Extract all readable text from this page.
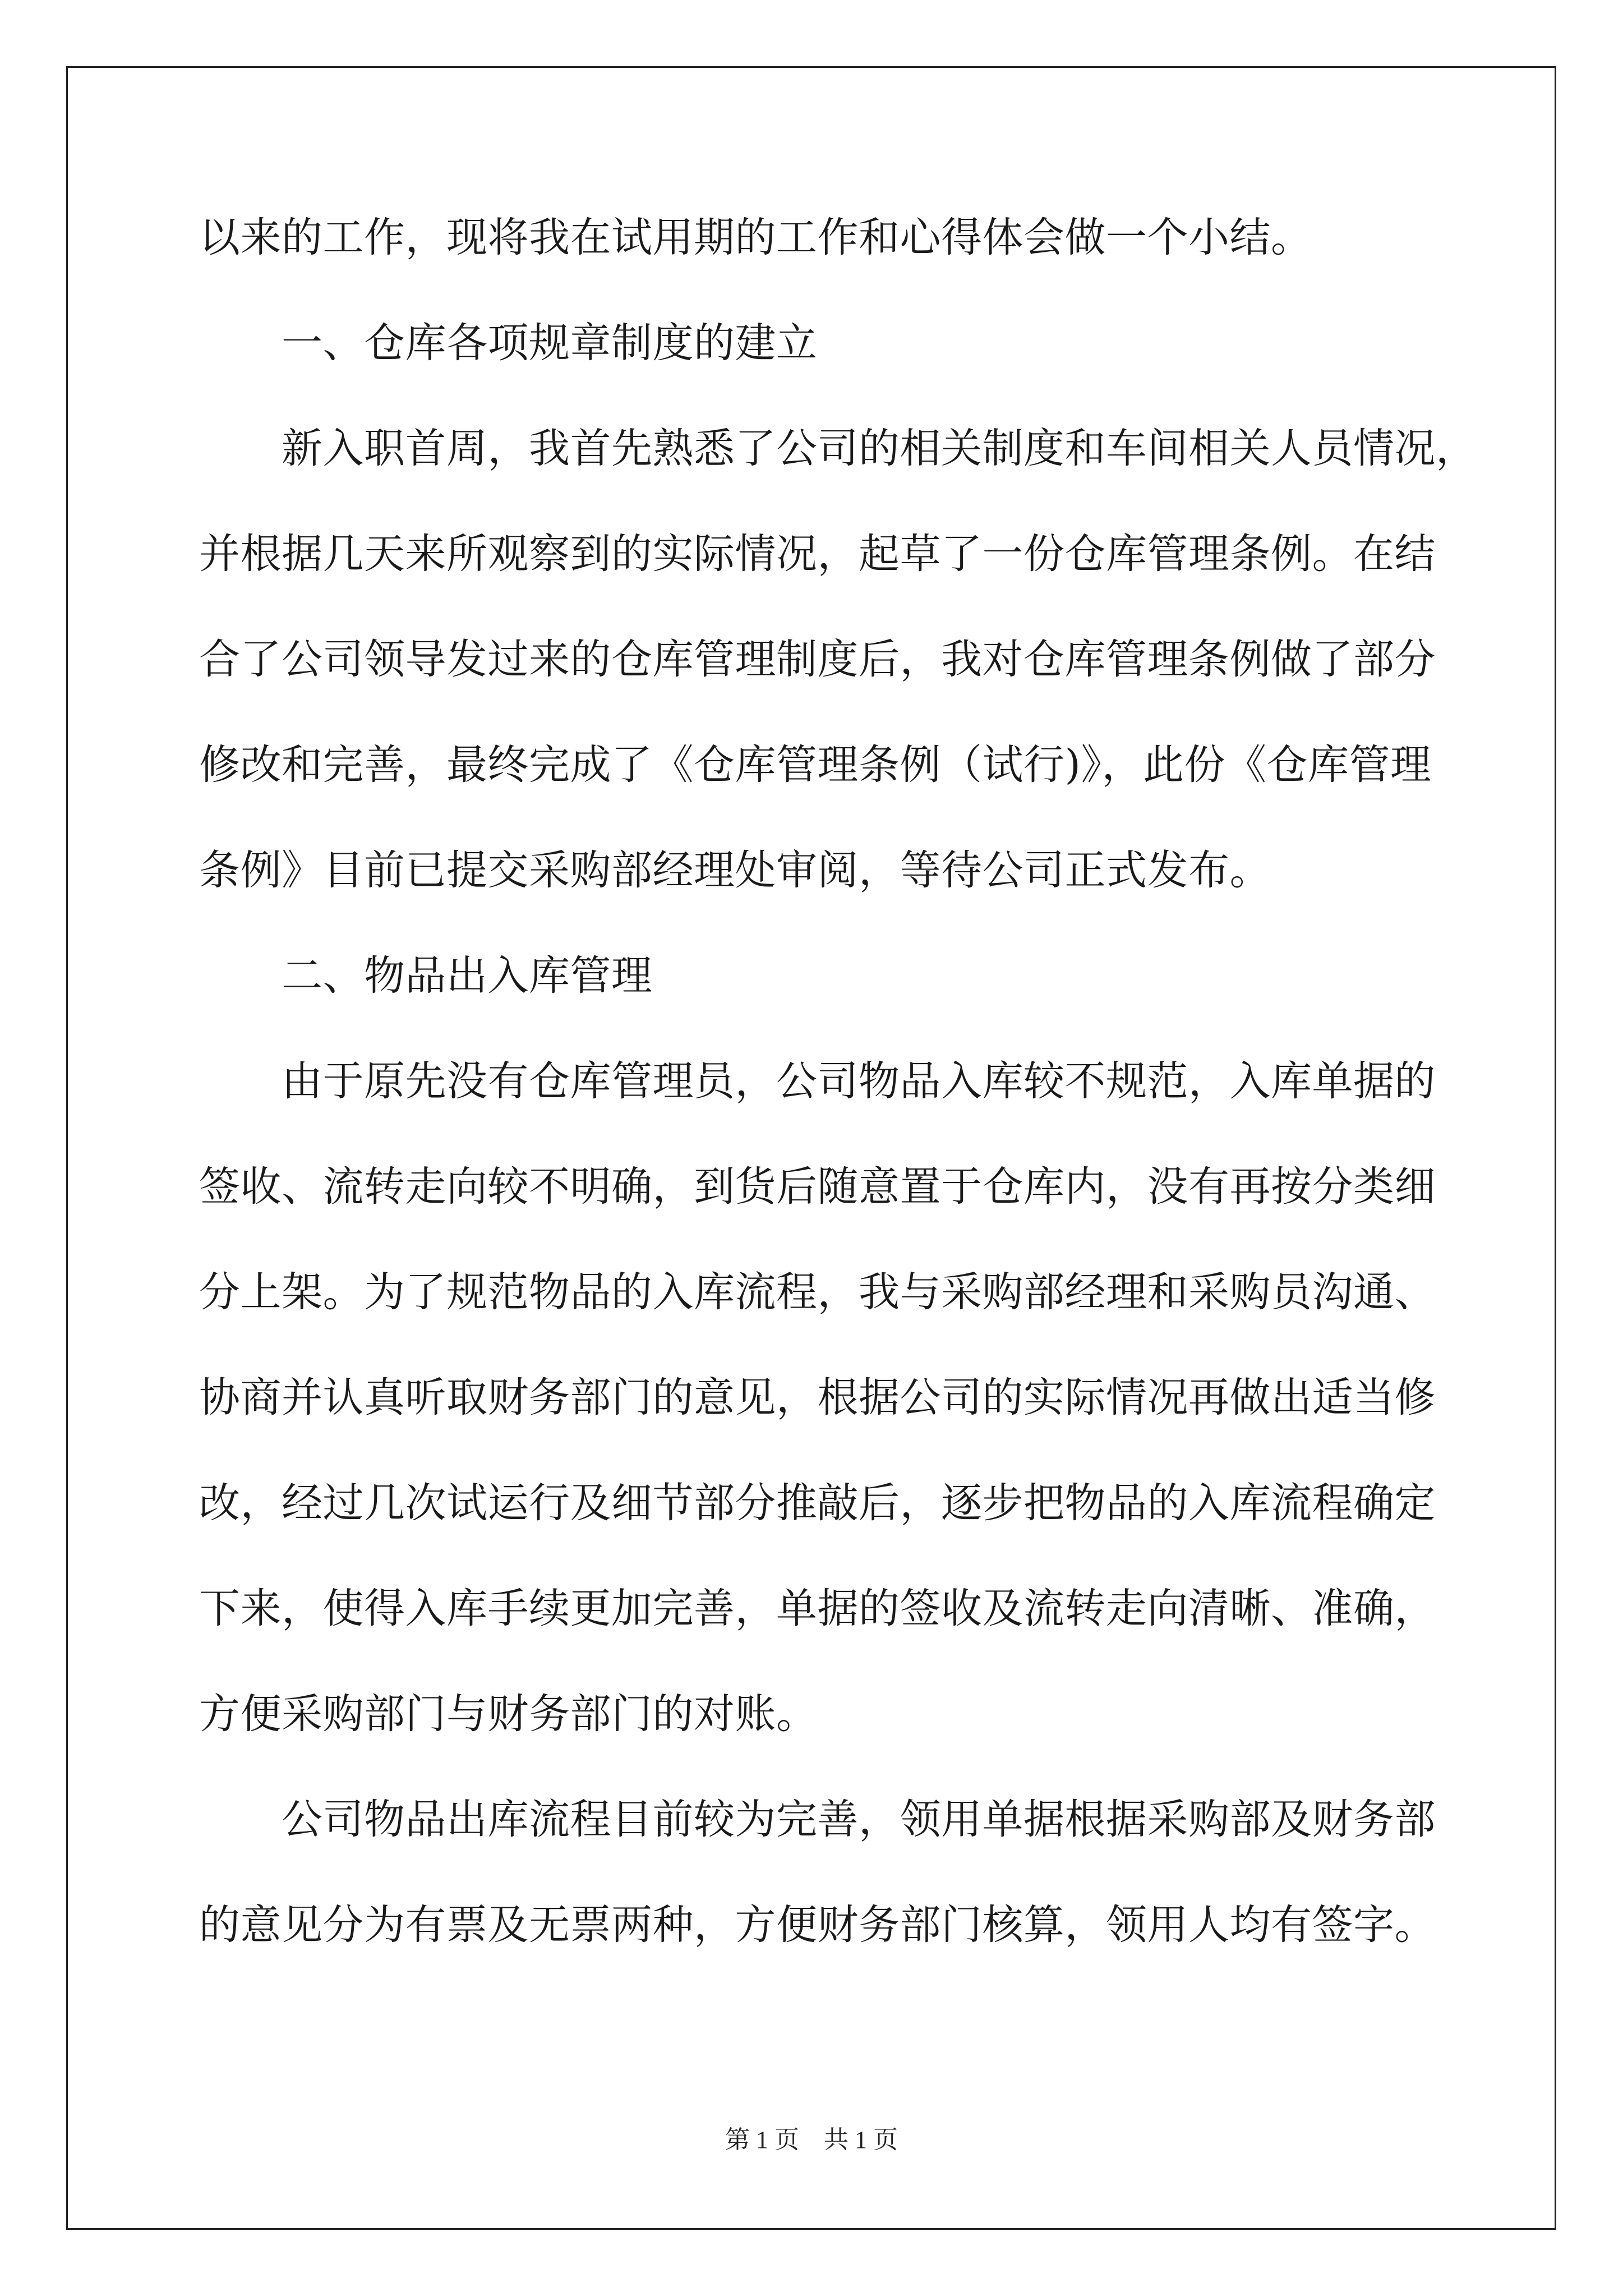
以来的工作，现将我在试用期的工作和心得体会做一个小结。
一、仓库各项规章制度的建立
新入职首周，我首先熟悉了公司的相关制度和车间相关人员情况，
并根据几天来所观察到的实际情况，起草了一份仓库管理条例。在结
合了公司领导发过来的仓库管理制度后，我对仓库管理条例做了部分
修改和完善，最终完成了《仓库管理条例（试行)》，此份《仓库管理
条例》目前已提交采购部经理处审阅，等待公司正式发布。
二、物品出入库管理
由于原先没有仓库管理员，公司物品入库较不规范，入库单据的
签收、流转走向较不明确，到货后随意置于仓库内，没有再按分类细
分上架。为了规范物品的入库流程，我与采购部经理和采购员沟通、
协商并认真听取财务部门的意见，根据公司的实际情况再做出适当修
改，经过几次试运行及细节部分推敲后，逐步把物品的入库流程确定
下来，使得入库手续更加完善，单据的签收及流转走向清晰、准确，
方便采购部门与财务部门的对账。
公司物品出库流程目前较为完善，领用单据根据采购部及财务部
的意见分为有票及无票两种，方便财务部门核算，领用人均有签字。
第 1 页　共 1 页
